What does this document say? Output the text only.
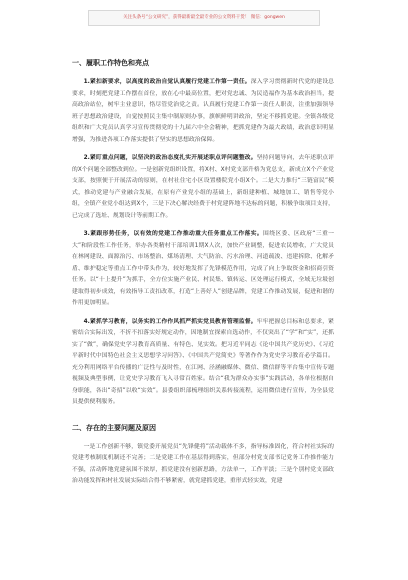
关注头条号“公文研究”，获得最新最全最专业的公文资料干货！ 微信：gongwen
一、履职工作特色和亮点

1.紧扣新要求，以高度的政治自觉认真履行党建工作第一责任。深入学习贯彻新时代党的建设总要求，时刻把党建工作摆在首位，放在心中最高位置，把对党忠诚、为民造福作为基本政治担当，提高政治站位，树牢主业意识，恪尽管党治党之责。认真履行党建工作第一责任人职责，注重加强领导班子思想政治建设，自觉按照民主集中制原则办事，旗帜鲜明讲政治，坚定不移抓党建。全镇各级党组织和广大党员认真学习宣传贯彻党的十九届六中全会精神，把抓党建作为最大政绩，政治意识明显增强，为推进各项工作落实提供了坚实的思想政治保障。

2.紧盯重点问题，以坚决的政治态度扎实开展述职点评问题整改。坚持问题导向，去年述职点评的X个问题全部整改到位。一是创新党组织设置，将X村、X村党支部升格为党总支，新成立X个产业党支部，按照便于开展活动的原则，在村社住宅小区设置楼院党小组X个。二是大力推行“三链富民”模式，推动党建与产业融合发展，在原有产业党小组的基础上，新组建种植、城地加工、销售等党小组，全镇产业党小组达到X个，三是下决心解决经费于村党建阵地不达标的问题，积极争取项目支持，已完成了选址、规划设计等前期工作。

3.紧跟形势任务，以有效的党建工作推动重大任务重点工作落实。围绕区委、区政府“三重一大”和阶段性工作任务，举办各类精村干部培训1期X人次，加快产业调整，促进农民增收，广大党员在林网建设、面源治污、市场整治、煤场清理、大气防治、污水治理、河道疏浚、违建拆除、化解矛盾、维护稳定等重点工作中带头作为，较好地发挥了先锋模范作用，完成了向上争取资金和招商引资任务。以“十上提升”为抓手，全方位实施产业民、村民集、镇转运、区处理运行模式，全域无垃圾创建取得初步成效，有效指导工责扣改革，打造“上善好人”创建品牌，党建工作推动发展，促进和谐的作用更加明显。

4.紧抓学习教育，以务实的工作作风抓严抓实党员教育管理监督。牢牢把握总目标和总要求，紧密结合实际出发，不折不扣落实好规定动作，因地制宜探索自选动作，不仅突出了“学”和“实”，还抓实了“做”，确保党史学习教育高质量、有特色、见实效。把习近平同志《论中国共产党历史》、《习近平新时代中国特色社会主义思想学习问答》、《中国共产党简史》等著作作为党史学习教育必学篇目。充分利用网络平台传播的广泛性与及时性，在江网、泾涵融媒体、微信、微信群等平台集中宣传专题视频及典型事例，让党史学习教育飞入寻常百姓家。结合“我为群众办实事”实践活动，各单位根据自身职能，各出“奇招”以收“实效”。县委组织部梳理组织关系转接流程，运用微信进行宣传，为全县党员提供便利服务。

二、存在的主要问题及原因

一是工作创新不够，镇党委开展党员“先锋健将”活动载体不多，指导标准固化，符合村社实际的党建考核制度机制还不完善；二是党建工作在基层得到落实，但部分村党支部书记党务工作推作能力不强，活动阵地党建氛围不浓厚，抓党建没有创新思路，方法单一，工作平淡；三是个别村党支部政治功能发挥和村社发展实际结合得不够紧密，就党建抓党建，重形式轻实效，党建
